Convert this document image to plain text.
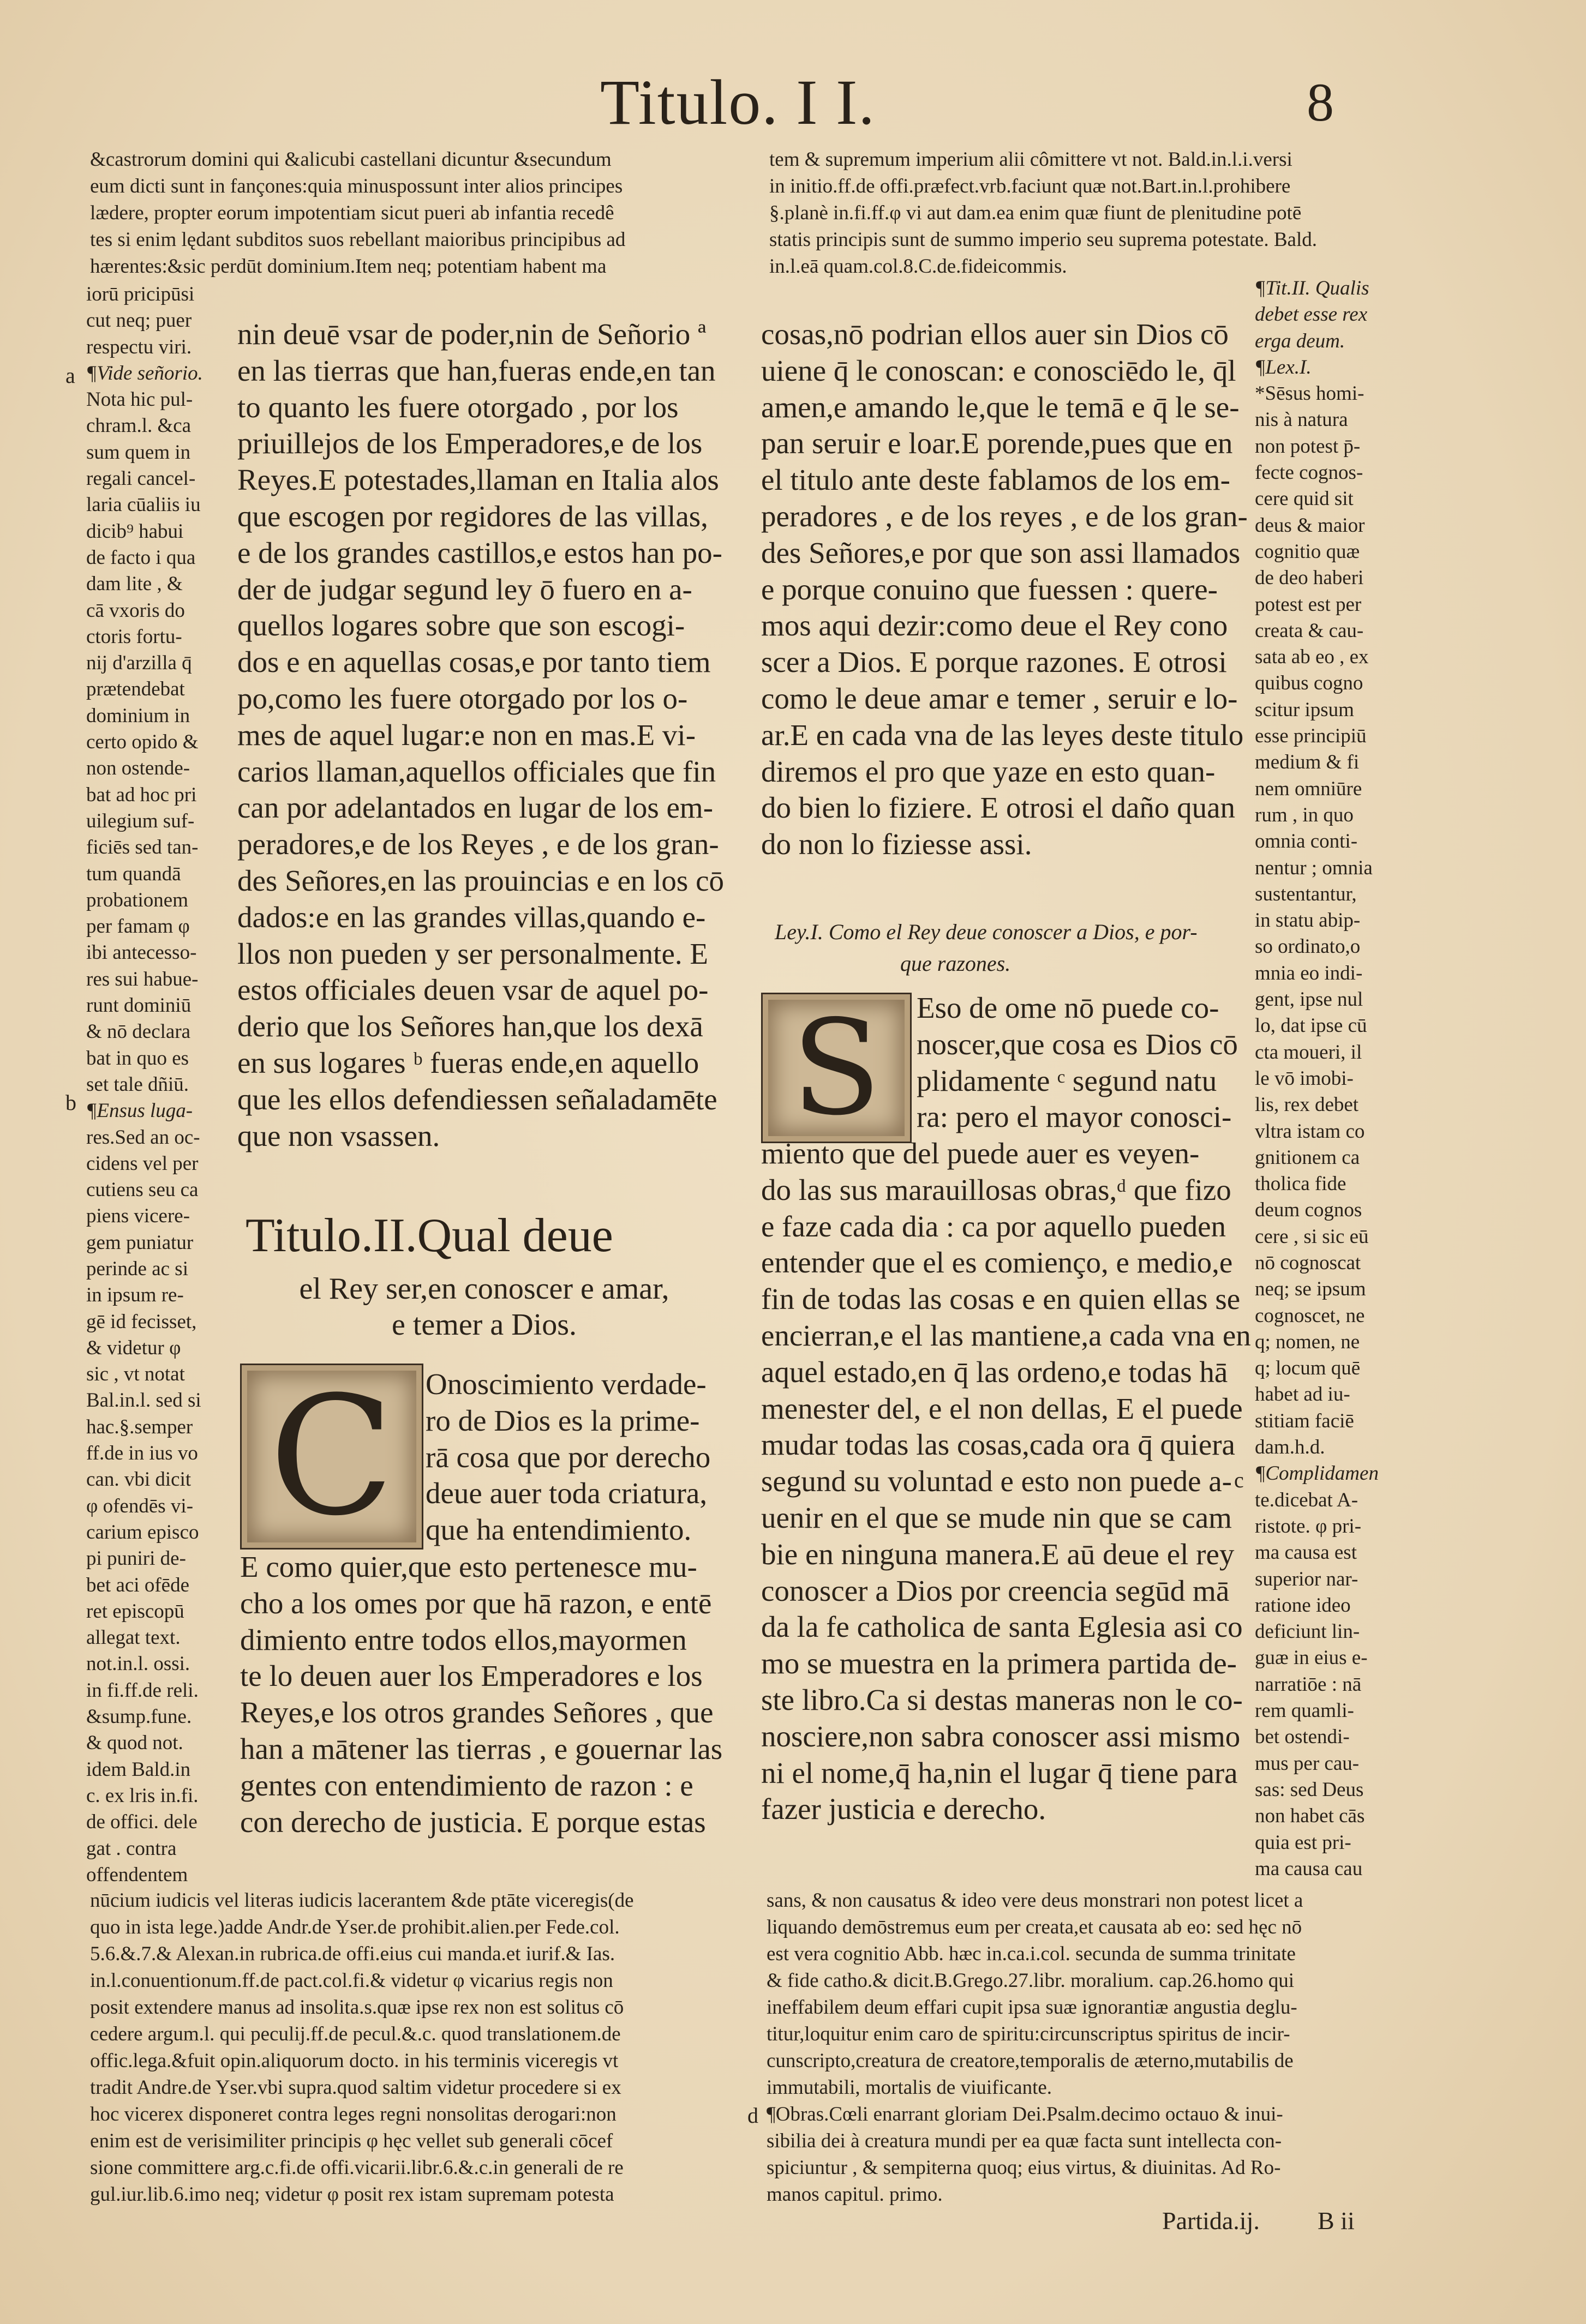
Titulo. I I.	8

&castrorum domini qui &alicubi castellani dicuntur &secundum

eum dicti sunt in fançones:quia minuspossunt inter alios principes

lædere, propter eorum impotentiam sicut pueri ab infantia recedê

tes si enim lędant subditos suos rebellant maioribus principibus ad

hærentes:&sic perdūt dominium.Item neq; potentiam habent ma

tem & supremum imperium alii cômittere vt not. Bald.in.l.i.versi

in initio.ff.de offi.præfect.vrb.faciunt quæ not.Bart.in.l.prohibere

§.planè in.fi.ff.φ vi aut dam.ea enim quæ fiunt de plenitudine potē

statis principis sunt de summo imperio seu suprema potestate. Bald.

in.l.eā quam.col.8.C.de.fideicommis.

a
b

iorū pricipūsi

cut neq; puer

respectu viri.

¶Vide señorio.

Nota hic pul-

chram.l. &ca

sum quem in

regali cancel-

laria cūaliis iu

dicib⁹ habui

de facto i qua

dam lite , &

cā vxoris do

ctoris fortu-

nij d'arzilla q̄

prætendebat

dominium in

certo opido &

non ostende-

bat ad hoc pri

uilegium suf-

ficiēs sed tan-

tum quandā

probationem

per famam φ

ibi antecesso-

res sui habue-

runt dominiū

& nō declara

bat in quo es

set tale dñiū.

¶Ensus luga-

res.Sed an oc-

cidens vel per

cutiens seu ca

piens vicere-

gem puniatur

perinde ac si

in ipsum re-

gē id fecisset,

& videtur φ

sic , vt notat

Bal.in.l. sed si

hac.§.semper

ff.de in ius vo

can. vbi dicit

φ ofendēs vi-

carium episco

pi puniri de-

bet aci ofēde

ret episcopū

allegat text.

not.in.l. ossi.

in fi.ff.de reli.

&sump.fune.

& quod not.

idem Bald.in

c. ex lris in.fi.

de offici. dele

gat . contra

offendentem

nin deuē vsar de poder,nin de Señorio ª

en las tierras que han,fueras ende,en tan

to quanto les fuere otorgado , por los

priuillejos de los Emperadores,e de los

Reyes.E potestades,llaman en Italia alos

que escogen por regidores de las villas,

e de los grandes castillos,e estos han po-

der de judgar segund ley ō fuero en a-

quellos logares sobre que son escogi-

dos e en aquellas cosas,e por tanto tiem

po,como les fuere otorgado por los o-

mes de aquel lugar:e non en mas.E vi-

carios llaman,aquellos officiales que fin

can por adelantados en lugar de los em-

peradores,e de los Reyes , e de los gran-

des Señores,en las prouincias e en los cō

dados:e en las grandes villas,quando e-

llos non pueden y ser personalmente. E

estos officiales deuen vsar de aquel po-

derio que los Señores han,que los dexā

en sus logares ᵇ fueras ende,en aquello

que les ellos defendiessen señaladamēte

que non vsassen.

Titulo.II.Qual deue
el Rey ser,en conoscer e amar,
e temer a Dios.
C Onoscimiento verdade-

ro de Dios es la prime-

rā cosa que por derecho

deue auer toda criatura,

que ha entendimiento.

E como quier,que esto pertenesce mu-

cho a los omes por que hā razon, e entē

dimiento entre todos ellos,mayormen

te lo deuen auer los Emperadores e los

Reyes,e los otros grandes Señores , que

han a mātener las tierras , e gouernar las

gentes con entendimiento de razon : e

con derecho de justicia. E porque estas

cosas,nō podrian ellos auer sin Dios cō

uiene q̄ le conoscan: e conosciēdo le, q̄l

amen,e amando le,que le temā e q̄ le se-

pan seruir e loar.E porende,pues que en

el titulo ante deste fablamos de los em-

peradores , e de los reyes , e de los gran-

des Señores,e por que son assi llamados

e porque conuino que fuessen : quere-

mos aqui dezir:como deue el Rey cono

scer a Dios. E porque razones. E otrosi

como le deue amar e temer , seruir e lo-

ar.E en cada vna de las leyes deste titulo

diremos el pro que yaze en esto quan-

do bien lo fiziere. E otrosi el daño quan

do non lo fiziesse assi.

Ley.I. Como el Rey deue conoscer a Dios, e por-
que razones.
S Eso de ome nō puede co-

noscer,que cosa es Dios cō

plidamente ᶜ segund natu

ra: pero el mayor conosci-

miento que del puede auer es veyen-

do las sus marauillosas obras,ᵈ que fizo

e faze cada dia : ca por aquello pueden

entender que el es comienço, e medio,e

fin de todas las cosas e en quien ellas se

encierran,e el las mantiene,a cada vna en

aquel estado,en q̄ las ordeno,e todas hā

menester del, e el non dellas, E el puede

mudar todas las cosas,cada ora q̄ quiera

segund su voluntad e esto non puede a-

uenir en el que se mude nin que se cam

bie en ninguna manera.E aū deue el rey

conoscer a Dios por creencia segūd mā

da la fe catholica de santa Eglesia asi co

mo se muestra en la primera partida de-

ste libro.Ca si destas maneras non le co-

nosciere,non sabra conoscer assi mismo

ni el nome,q̄ ha,nin el lugar q̄ tiene para

fazer justicia e derecho.

c

¶Tit.II. Qualis

debet esse rex

erga deum.

¶Lex.I.

*Sēsus homi-

nis à natura

non potest p̄-

fecte cognos-

cere quid sit

deus & maior

cognitio quæ

de deo haberi

potest est per

creata & cau-

sata ab eo , ex

quibus cogno

scitur ipsum

esse principiū

medium & fi

nem omniūre

rum , in quo

omnia conti-

nentur ; omnia

sustentantur,

in statu abip-

so ordinato,o

mnia eo indi-

gent, ipse nul

lo, dat ipse cū

cta moueri, il

le vō imobi-

lis, rex debet

vltra istam co

gnitionem ca

tholica fide

deum cognos

cere , si sic eū

nō cognoscat

neq; se ipsum

cognoscet, ne

q; nomen, ne

q; locum quē

habet ad iu-

stitiam faciē

dam.h.d.

¶Complidamen

te.dicebat A-

ristote. φ pri-

ma causa est

superior nar-

ratione ideo

deficiunt lin-

guæ in eius e-

narratiōe : nā

rem quamli-

bet ostendi-

mus per cau-

sas: sed Deus

non habet cās

quia est pri-

ma causa cau

nūcium iudicis vel literas iudicis lacerantem &de ptāte viceregis(de

quo in ista lege.)adde Andr.de Yser.de prohibit.alien.per Fede.col.

5.6.&.7.& Alexan.in rubrica.de offi.eius cui manda.et iurif.& Ias.

in.l.conuentionum.ff.de pact.col.fi.& videtur φ vicarius regis non

posit extendere manus ad insolita.s.quæ ipse rex non est solitus cō

cedere argum.l. qui peculij.ff.de pecul.&.c. quod translationem.de

offic.lega.&fuit opin.aliquorum docto. in his terminis viceregis vt

tradit Andre.de Yser.vbi supra.quod saltim videtur procedere si ex

hoc vicerex disponeret contra leges regni nonsolitas derogari:non

enim est de verisimiliter principis φ hęc vellet sub generali cōcef

sione committere arg.c.fi.de offi.vicarii.libr.6.&.c.in generali de re

gul.iur.lib.6.imo neq; videtur φ posit rex istam supremam potesta

sans, & non causatus & ideo vere deus monstrari non potest licet a

liquando demōstremus eum per creata,et causata ab eo: sed hęc nō

est vera cognitio Abb. hæc in.ca.i.col. secunda de summa trinitate

& fide catho.& dicit.B.Grego.27.libr. moralium. cap.26.homo qui

ineffabilem deum effari cupit ipsa suæ ignorantiæ angustia deglu-

titur,loquitur enim caro de spiritu:circunscriptus spiritus de incir-

cunscripto,creatura de creatore,temporalis de æterno,mutabilis de

immutabili, mortalis de viuificante.

d ¶Obras.Cœli enarrant gloriam Dei.Psalm.decimo octauo & inui-

sibilia dei à creatura mundi per ea quæ facta sunt intellecta con-

spiciuntur , & sempiterna quoq; eius virtus, & diuinitas. Ad Ro-

manos capitul. primo.

Partida.ij. B ii
